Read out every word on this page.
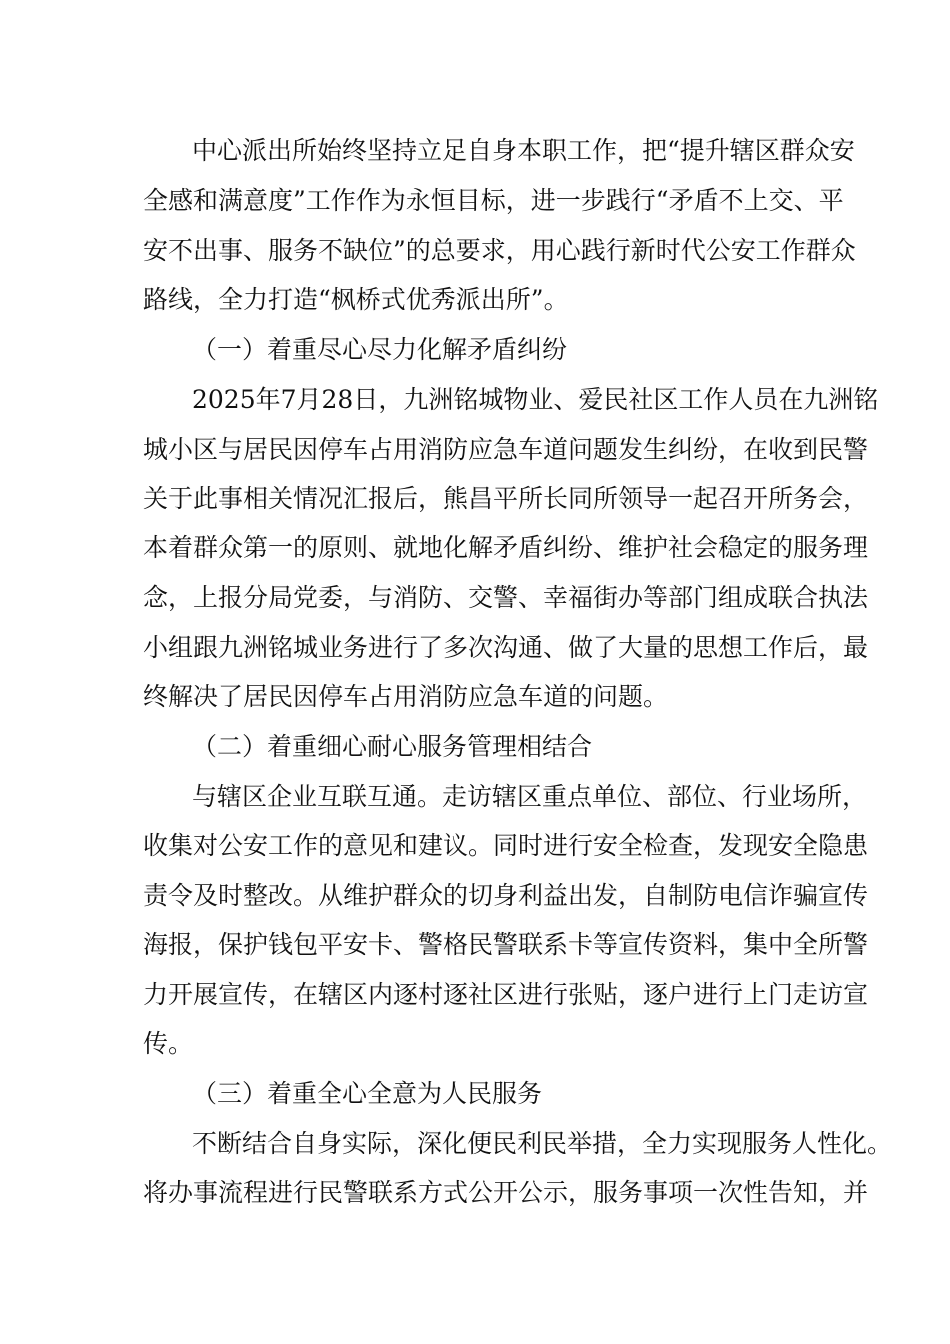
中心派出所始终坚持立足自身本职工作，把“提升辖区群众安
全感和满意度”工作作为永恒目标，进一步践行“矛盾不上交、平
安不出事、服务不缺位”的总要求，用心践行新时代公安工作群众
路线，全力打造“枫桥式优秀派出所”。
（一）着重尽心尽力化解矛盾纠纷
2025年7月28日，九洲铭城物业、爱民社区工作人员在九洲铭
城小区与居民因停车占用消防应急车道问题发生纠纷，在收到民警
关于此事相关情况汇报后，熊昌平所长同所领导一起召开所务会，
本着群众第一的原则、就地化解矛盾纠纷、维护社会稳定的服务理
念，上报分局党委，与消防、交警、幸福街办等部门组成联合执法
小组跟九洲铭城业务进行了多次沟通、做了大量的思想工作后，最
终解决了居民因停车占用消防应急车道的问题。
（二）着重细心耐心服务管理相结合
与辖区企业互联互通。走访辖区重点单位、部位、行业场所，
收集对公安工作的意见和建议。同时进行安全检查，发现安全隐患
责令及时整改。从维护群众的切身利益出发，自制防电信诈骗宣传
海报，保护钱包平安卡、警格民警联系卡等宣传资料，集中全所警
力开展宣传，在辖区内逐村逐社区进行张贴，逐户进行上门走访宣
传。
（三）着重全心全意为人民服务
不断结合自身实际，深化便民利民举措，全力实现服务人性化。
将办事流程进行民警联系方式公开公示，服务事项一次性告知，并
